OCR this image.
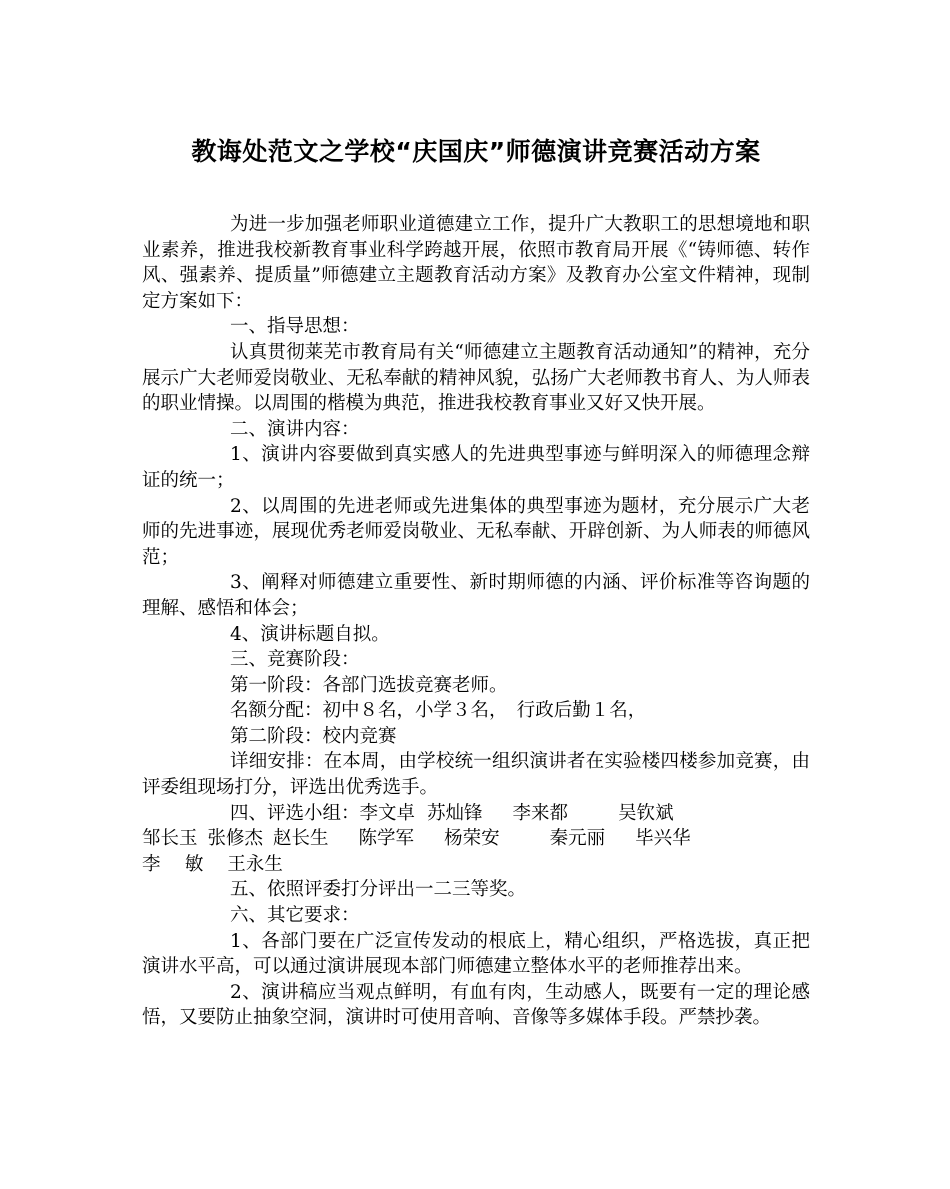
教诲处范文之学校“庆国庆”师德演讲竞赛活动方案

为进一步加强老师职业道德建立工作，提升广大教职工的思想境地和职业素养，推进我校新教育事业科学跨越开展，依照市教育局开展《“铸师德、转作风、强素养、提质量”师德建立主题教育活动方案》及教育办公室文件精神，现制定方案如下：

一、指导思想：

认真贯彻莱芜市教育局有关“师德建立主题教育活动通知”的精神，充分展示广大老师爱岗敬业、无私奉献的精神风貌，弘扬广大老师教书育人、为人师表的职业情操。以周围的楷模为典范，推进我校教育事业又好又快开展。

二、演讲内容：

1、演讲内容要做到真实感人的先进典型事迹与鲜明深入的师德理念辩证的统一；

2、以周围的先进老师或先进集体的典型事迹为题材，充分展示广大老师的先进事迹，展现优秀老师爱岗敬业、无私奉献、开辟创新、为人师表的师德风范；

3、阐释对师德建立重要性、新时期师德的内涵、评价标准等咨询题的理解、感悟和体会；

4、演讲标题自拟。

三、竞赛阶段：

第一阶段：各部门选拔竞赛老师。

名额分配：初中８名，小学３名，　行政后勤１名，

第二阶段：校内竞赛

详细安排：在本周，由学校统一组织演讲者在实验楼四楼参加竞赛，由评委组现场打分，评选出优秀选手。

四、评选小组：李文卓 苏灿锋 李来都	吴钦斌

邹长玉 张修杰 赵长生 陈学军 杨荣安	秦元丽 毕兴华

李　 敏 王永生

五、依照评委打分评出一二三等奖。

六、其它要求：

1、各部门要在广泛宣传发动的根底上，精心组织，严格选拔，真正把演讲水平高，可以通过演讲展现本部门师德建立整体水平的老师推荐出来。

2、演讲稿应当观点鲜明，有血有肉，生动感人，既要有一定的理论感悟，又要防止抽象空洞，演讲时可使用音响、音像等多媒体手段。严禁抄袭。
